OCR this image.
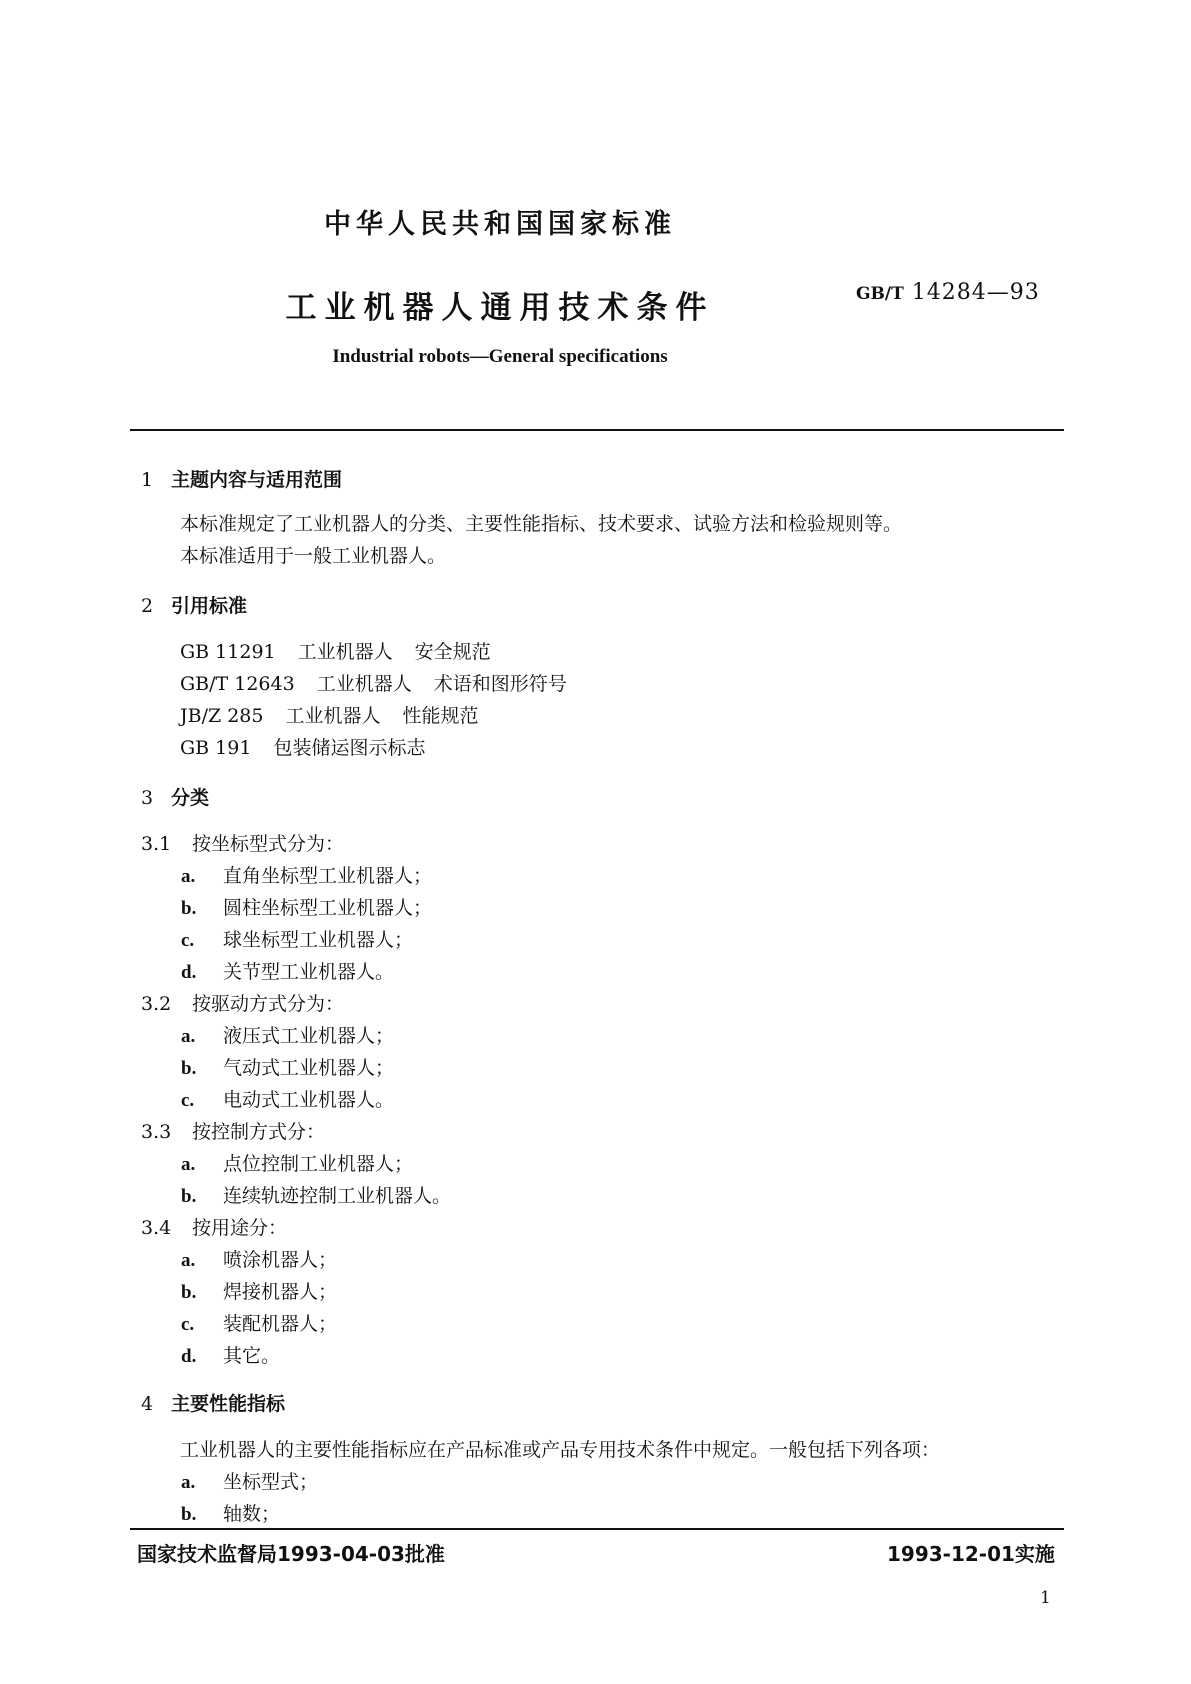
中华人民共和国国家标准
工业机器人通用技术条件	GB/T 14284—93
Industrial robots—General specifications
1 主题内容与适用范围
本标准规定了工业机器人的分类、主要性能指标、技术要求、试验方法和检验规则等。
本标准适用于一般工业机器人。
2 引用标准
GB 11291 工业机器人 安全规范
GB/T 12643 工业机器人 术语和图形符号
JB/Z 285 工业机器人 性能规范
GB 191 包装储运图示标志
3 分类
3.1 按坐标型式分为：
a. 直角坐标型工业机器人；
b. 圆柱坐标型工业机器人；
c. 球坐标型工业机器人；
d. 关节型工业机器人。
3.2 按驱动方式分为：
a. 液压式工业机器人；
b. 气动式工业机器人；
c. 电动式工业机器人。
3.3 按控制方式分：
a. 点位控制工业机器人；
b. 连续轨迹控制工业机器人。
3.4 按用途分：
a. 喷涂机器人；
b. 焊接机器人；
c. 装配机器人；
d. 其它。
4 主要性能指标
工业机器人的主要性能指标应在产品标准或产品专用技术条件中规定。一般包括下列各项：
a. 坐标型式；
b. 轴数；
国家技术监督局1993-04-03批准	1993-12-01实施
1
